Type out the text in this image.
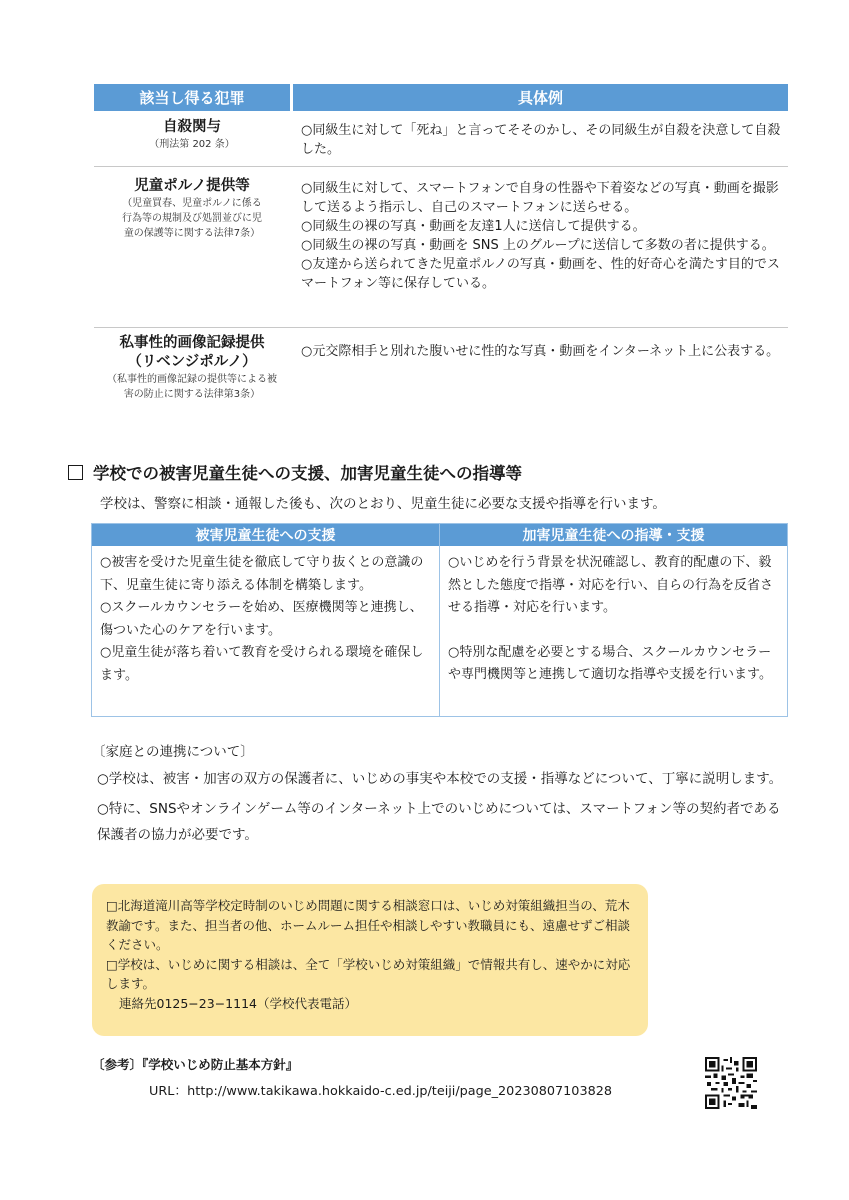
該当し得る犯罪	具体例
自殺関与
（刑法第 202 条）
○同級生に対して「死ね」と言ってそそのかし、その同級生が自殺を決意して自殺した。
児童ポルノ提供等
（児童買春、児童ポルノに係る
行為等の規制及び処罰並びに児
童の保護等に関する法律7条）
○同級生に対して、スマートフォンで自身の性器や下着姿などの写真・動画を撮影して送るよう指示し、自己のスマートフォンに送らせる。
○同級生の裸の写真・動画を友達1人に送信して提供する。
○同級生の裸の写真・動画を SNS 上のグループに送信して多数の者に提供する。
○友達から送られてきた児童ポルノの写真・動画を、性的好奇心を満たす目的でスマートフォン等に保存している。
私事性的画像記録提供
（リベンジポルノ）
（私事性的画像記録の提供等による被
害の防止に関する法律第3条）
○元交際相手と別れた腹いせに性的な写真・動画をインターネット上に公表する。
学校での被害児童生徒への支援、加害児童生徒への指導等
学校は、警察に相談・通報した後も、次のとおり、児童生徒に必要な支援や指導を行います。
被害児童生徒への支援
○被害を受けた児童生徒を徹底して守り抜くとの意識の下、児童生徒に寄り添える体制を構築します。
○スクールカウンセラーを始め、医療機関等と連携し、傷ついた心のケアを行います。
○児童生徒が落ち着いて教育を受けられる環境を確保します。
加害児童生徒への指導・支援
○いじめを行う背景を状況確認し、教育的配慮の下、毅然とした態度で指導・対応を行い、自らの行為を反省させる指導・対応を行います。
○特別な配慮を必要とする場合、スクールカウンセラーや専門機関等と連携して適切な指導や支援を行います。
〔家庭との連携について〕
○学校は、被害・加害の双方の保護者に、いじめの事実や本校での支援・指導などについて、丁寧に説明します。
○特に、SNSやオンラインゲーム等のインターネット上でのいじめについては、スマートフォン等の契約者である保護者の協力が必要です。
□北海道滝川高等学校定時制のいじめ問題に関する相談窓口は、いじめ対策組織担当の、荒木教諭です。また、担当者の他、ホームルーム担任や相談しやすい教職員にも、遠慮せずご相談ください。
□学校は、いじめに関する相談は、全て「学校いじめ対策組織」で情報共有し、速やかに対応します。
連絡先0125−23−1114（学校代表電話）
〔参考〕『学校いじめ防止基本方針』
URL：http://www.takikawa.hokkaido-c.ed.jp/teiji/page_20230807103828
